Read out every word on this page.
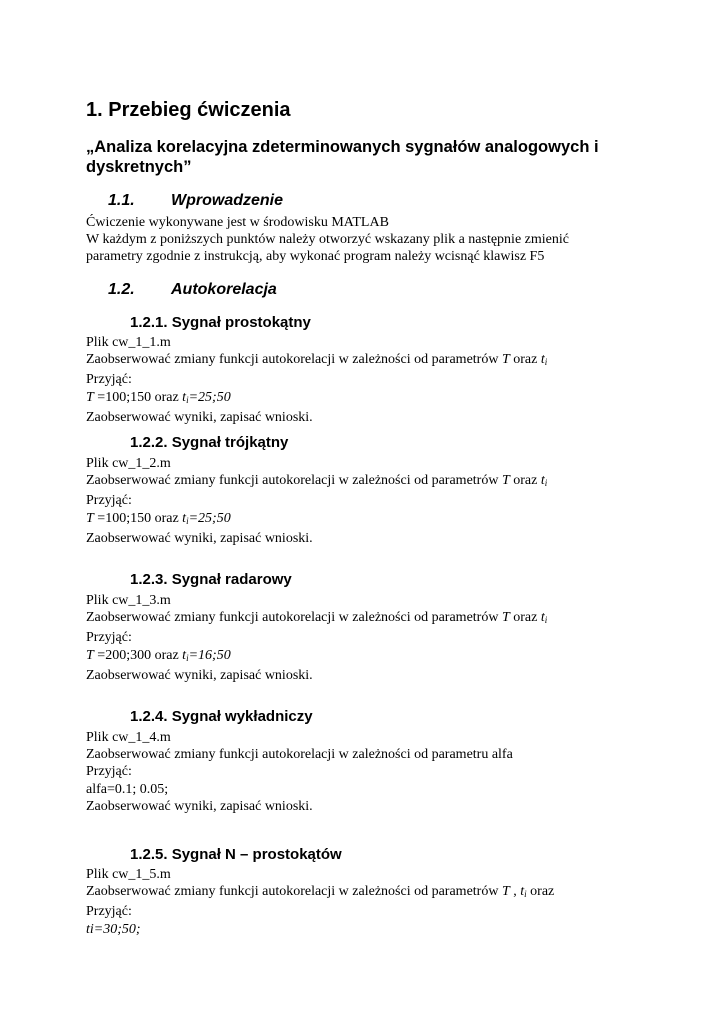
1. Przebieg ćwiczenia
„Analiza korelacyjna zdeterminowanych sygnałów analogowych i dyskretnych”
1.1. Wprowadzenie
Ćwiczenie wykonywane jest w środowisku MATLAB
W każdym z poniższych punktów należy otworzyć wskazany plik a następnie zmienić
parametry zgodnie z instrukcją, aby wykonać program należy wcisnąć klawisz F5
1.2. Autokorelacja
1.2.1. Sygnał prostokątny
Plik cw_1_1.m
Zaobserwować zmiany funkcji autokorelacji w zależności od parametrów T oraz $t_i$
Przyjąć:
T =100;150 oraz $t_i=25;50$
Zaobserwować wyniki, zapisać wnioski.
1.2.2. Sygnał trójkątny
Plik cw_1_2.m
Zaobserwować zmiany funkcji autokorelacji w zależności od parametrów T oraz $t_i$
Przyjąć:
T =100;150 oraz $t_i=25;50$
Zaobserwować wyniki, zapisać wnioski.
1.2.3. Sygnał radarowy
Plik cw_1_3.m
Zaobserwować zmiany funkcji autokorelacji w zależności od parametrów T oraz $t_i$
Przyjąć:
T =200;300 oraz $t_i=16;50$
Zaobserwować wyniki, zapisać wnioski.
1.2.4. Sygnał wykładniczy
Plik cw_1_4.m
Zaobserwować zmiany funkcji autokorelacji w zależności od parametru alfa
Przyjąć:
alfa=0.1; 0.05;
Zaobserwować wyniki, zapisać wnioski.
1.2.5. Sygnał N – prostokątów
Plik cw_1_5.m
Zaobserwować zmiany funkcji autokorelacji w zależności od parametrów T , $t_i$ oraz
Przyjąć:
ti=30;50;
